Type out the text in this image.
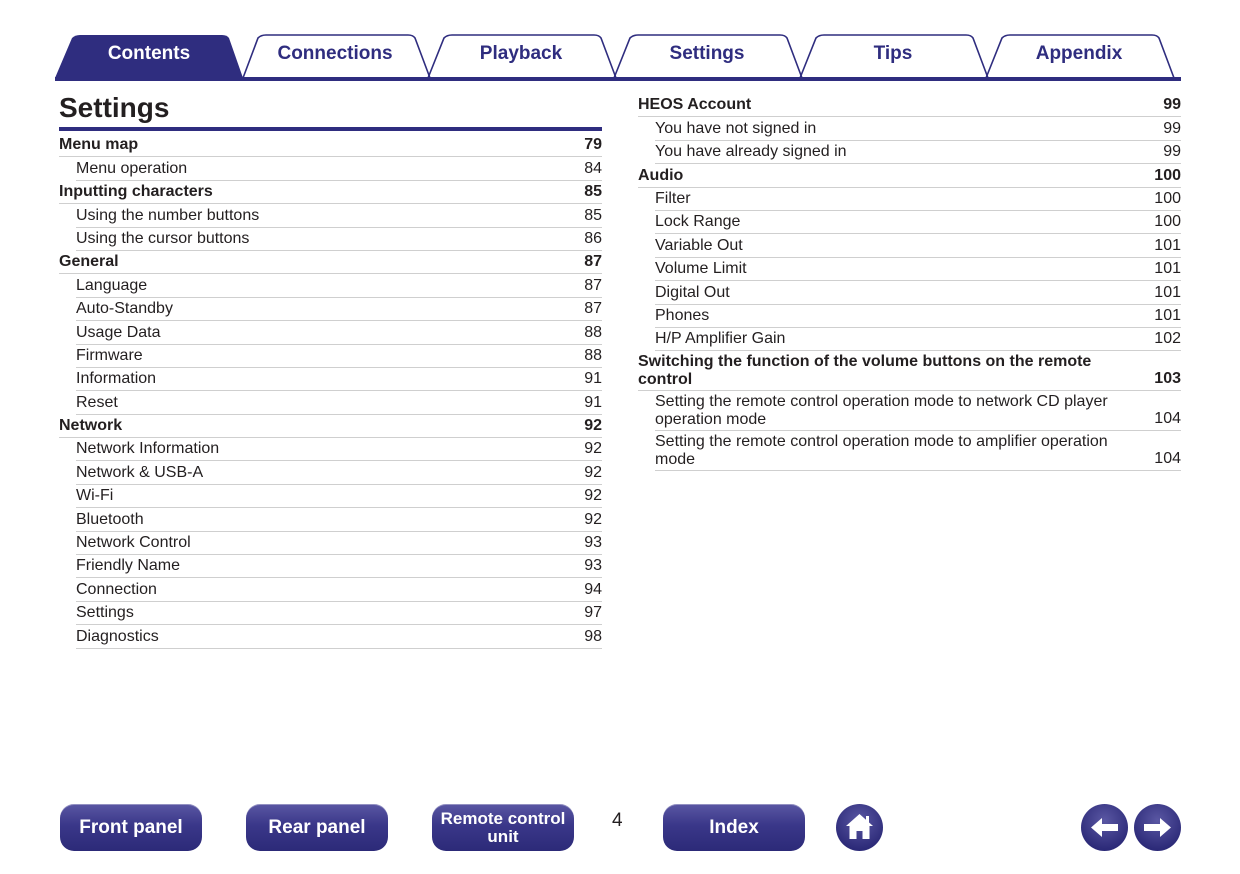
Contents	Connections	Playback	Settings	Tips	Appendix
Settings
Menu map	79
Menu operation	84
Inputting characters	85
Using the number buttons	85
Using the cursor buttons	86
General	87
Language	87
Auto-Standby	87
Usage Data	88
Firmware	88
Information	91
Reset	91
Network	92
Network Information	92
Network & USB-A	92
Wi-Fi	92
Bluetooth	92
Network Control	93
Friendly Name	93
Connection	94
Settings	97
Diagnostics	98
HEOS Account	99
You have not signed in	99
You have already signed in	99
Audio	100
Filter	100
Lock Range	100
Variable Out	101
Volume Limit	101
Digital Out	101
Phones	101
H/P Amplifier Gain	102
Switching the function of the volume buttons on the remote control	103
Setting the remote control operation mode to network CD player operation mode	104
Setting the remote control operation mode to amplifier operation mode	104
Front panel	Rear panel	Remote control
unit
4	Index
